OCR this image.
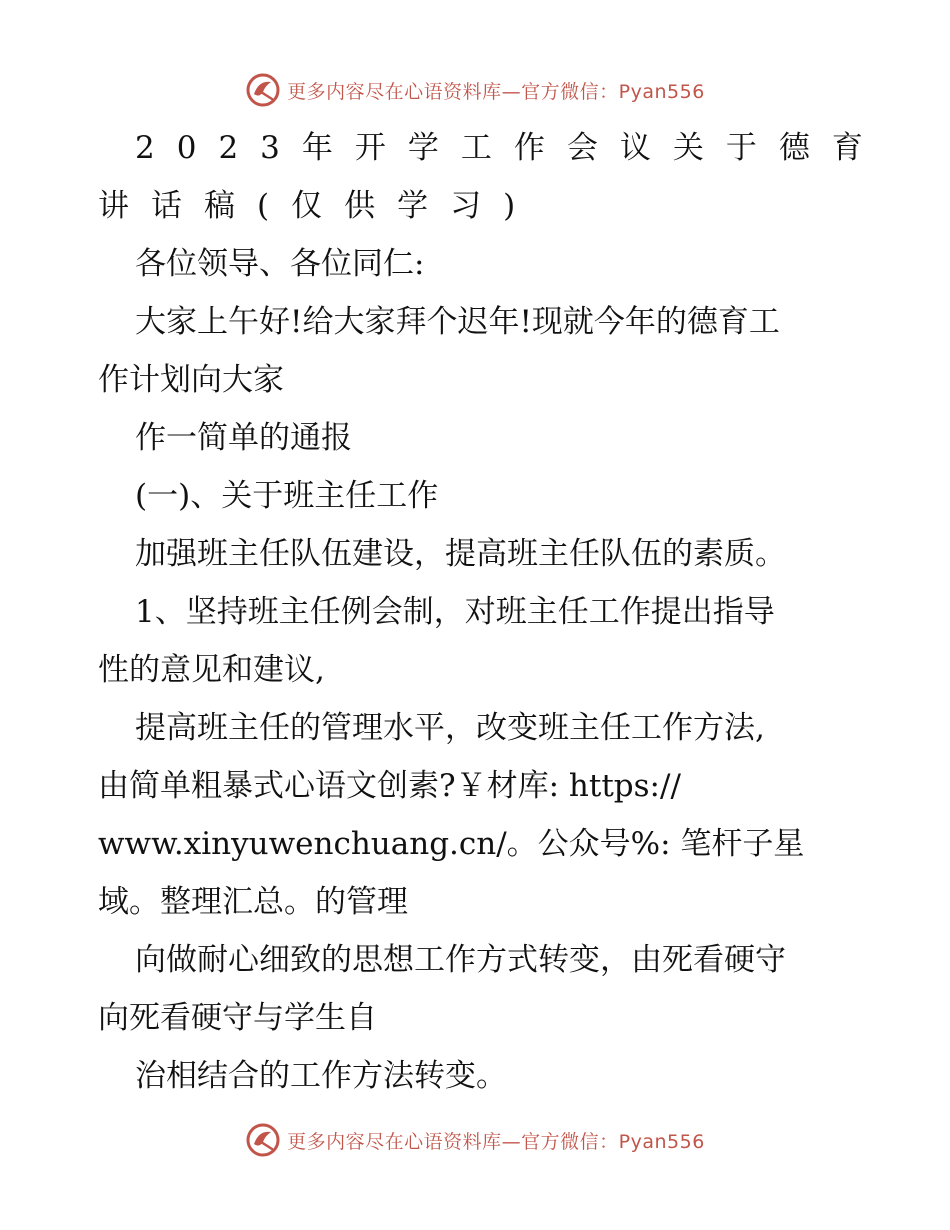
更多内容尽在心语资料库—官方微信：Pyan556
2023年开学工作会议关于德育
讲话稿(仅供学习)
各位领导、各位同仁:
大家上午好!给大家拜个迟年!现就今年的德育工
作计划向大家
作一简单的通报
(一)、关于班主任工作
加强班主任队伍建设，提高班主任队伍的素质。
1、坚持班主任例会制，对班主任工作提出指导
性的意见和建议,
提高班主任的管理水平，改变班主任工作方法,
由简单粗暴式心语文创素?￥材库: https://
www.xinyuwenchuang.cn/。公众号%: 笔杆子星
域。整理汇总。的管理
向做耐心细致的思想工作方式转变，由死看硬守
向死看硬守与学生自
治相结合的工作方法转变。
更多内容尽在心语资料库—官方微信：Pyan556
